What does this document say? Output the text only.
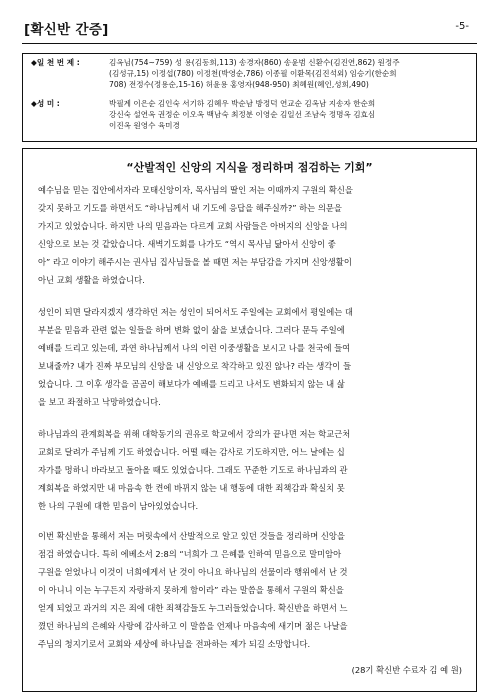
[확신반 간증]	-5-
◆일 천 번 제 :	김옥님(754~759) 성 용(김동희,113) 송경자(860) 송윤범 신환수(김진연,862) 원정주
(김성규,15) 이정섭(780) 이정천(박영순,786) 이종필 이환목(김진석외) 임승기(한순희
708) 전정수(정용순,15-16) 허윤용 홍영자(948-950) 최혜원(혜인,성희,490)
◆성 미 :	박필계 이은순 김인숙 서기하 김혜우 박순남 방정덕 연교순 김옥남 지송자 한순희
강신숙 설연옥 권정순 이오옥 백남숙 최정분 이영순 김일선 조남숙 정명옥 김효심
이진옥 원영수 육미경
“산발적인 신앙의 지식을 정리하며 점검하는 기회”
예수님을 믿는 집안에서자라 모태신앙이자, 목사님의 딸인 저는 이때까지 구원의 확신을
갖지 못하고 기도를 하면서도 “하나님께서 내 기도에 응답을 해주실까?” 하는 의문을
가지고 있었습니다. 하지만 나의 믿음과는 다르게 교회 사람들은 아버지의 신앙을 나의
신앙으로 보는 것 같았습니다. 새벽기도회를 나가도 “역시 목사님 닮아서 신앙이 좋
아” 라고 이야기 해주시는 권사님 집사님들을 볼 때면 저는 부담감을 가지며 신앙생활이
아닌 교회 생활을 하였습니다.
성인이 되면 달라지겠지 생각하던 저는 성인이 되어서도 주일에는 교회에서 평일에는 대
부분을 믿음과 관련 없는 일들을 하며 변화 없이 삶을 보냈습니다. 그러다 문득 주일에
예배를 드리고 있는데, 과연 하나님께서 나의 이런 이중생활을 보시고 나를 천국에 들여
보내줄까? 내가 진짜 부모님의 신앙을 내 신앙으로 착각하고 있진 않나? 라는 생각이 들
었습니다. 그 이후 생각을 곰곰이 해보다가 예배를 드리고 나서도 변화되지 않는 내 삶
을 보고 좌절하고 낙망하였습니다.
하나님과의 관계회복을 위해 대학동기의 권유로 학교에서 강의가 끝나면 저는 학교근처
교회로 달려가 주님께 기도 하였습니다. 어떨 때는 감사로 기도하지만, 어느 날에는 십
자가를 멍하니 바라보고 돌아올 때도 있었습니다. 그래도 꾸준한 기도로 하나님과의 관
계회복을 하였지만 내 마음속 한 켠에 바뀌지 않는 내 행동에 대한 죄책감과 확실치 못
한 나의 구원에 대한 믿음이 남아있었습니다.
이번 확신반을 통해서 저는 머릿속에서 산발적으로 알고 있던 것들을 정리하며 신앙을
점검 하였습니다. 특히 에베소서 2:8의 “너희가 그 은혜를 인하여 믿음으로 말미암아
구원을 얻었나니 이것이 너희에게서 난 것이 아니요 하나님의 선물이라 행위에서 난 것
이 아니니 이는 누구든지 자랑하지 못하게 함이라” 라는 말씀을 통해서 구원의 확신을
얻게 되었고 과거의 지은 죄에 대한 죄책감들도 누그러들었습니다. 확신반을 하면서 느
꼈던 하나님의 은혜와 사랑에 감사하고 이 말씀을 언제나 마음속에 새기며 젊은 나날을
주님의 청지기로서 교회와 세상에 하나님을 전파하는 제가 되길 소망합니다.
(28기 확신반 수료자 김 예 원)
